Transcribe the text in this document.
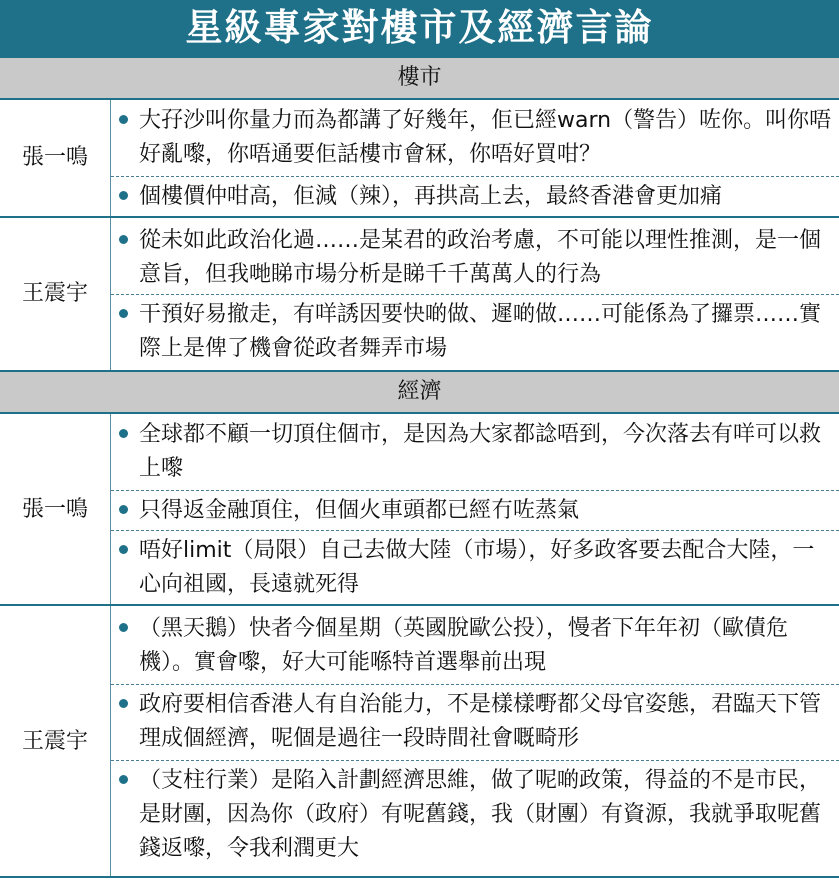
星級專家對樓市及經濟言論
樓市
張一鳴
大孖沙叫你量力而為都講了好幾年，佢已經warn（警告）咗你。叫你唔好亂嚟，你唔通要佢話樓市會冧，你唔好買咁？
個樓價仲咁高，佢減（辣），再拱高上去，最終香港會更加痛
王震宇
從未如此政治化過……是某君的政治考慮，不可能以理性推測，是一個意旨，但我哋睇市場分析是睇千千萬萬人的行為
干預好易撤走，有咩誘因要快啲做、遲啲做……可能係為了攞票……實際上是俾了機會從政者舞弄市場
經濟
張一鳴
全球都不顧一切頂住個市，是因為大家都諗唔到，今次落去有咩可以救上嚟
只得返金融頂住，但個火車頭都已經冇咗蒸氣
唔好limit（局限）自己去做大陸（市場），好多政客要去配合大陸，一心向祖國，長遠就死得
王震宇
（黑天鵝）快者今個星期（英國脫歐公投），慢者下年年初（歐債危機）。實會嚟，好大可能喺特首選舉前出現
政府要相信香港人有自治能力，不是樣樣嘢都父母官姿態，君臨天下管理成個經濟，呢個是過往一段時間社會嘅畸形
（支柱行業）是陷入計劃經濟思維，做了呢啲政策，得益的不是市民，是財團，因為你（政府）有呢舊錢，我（財團）有資源，我就爭取呢舊錢返嚟，令我利潤更大
